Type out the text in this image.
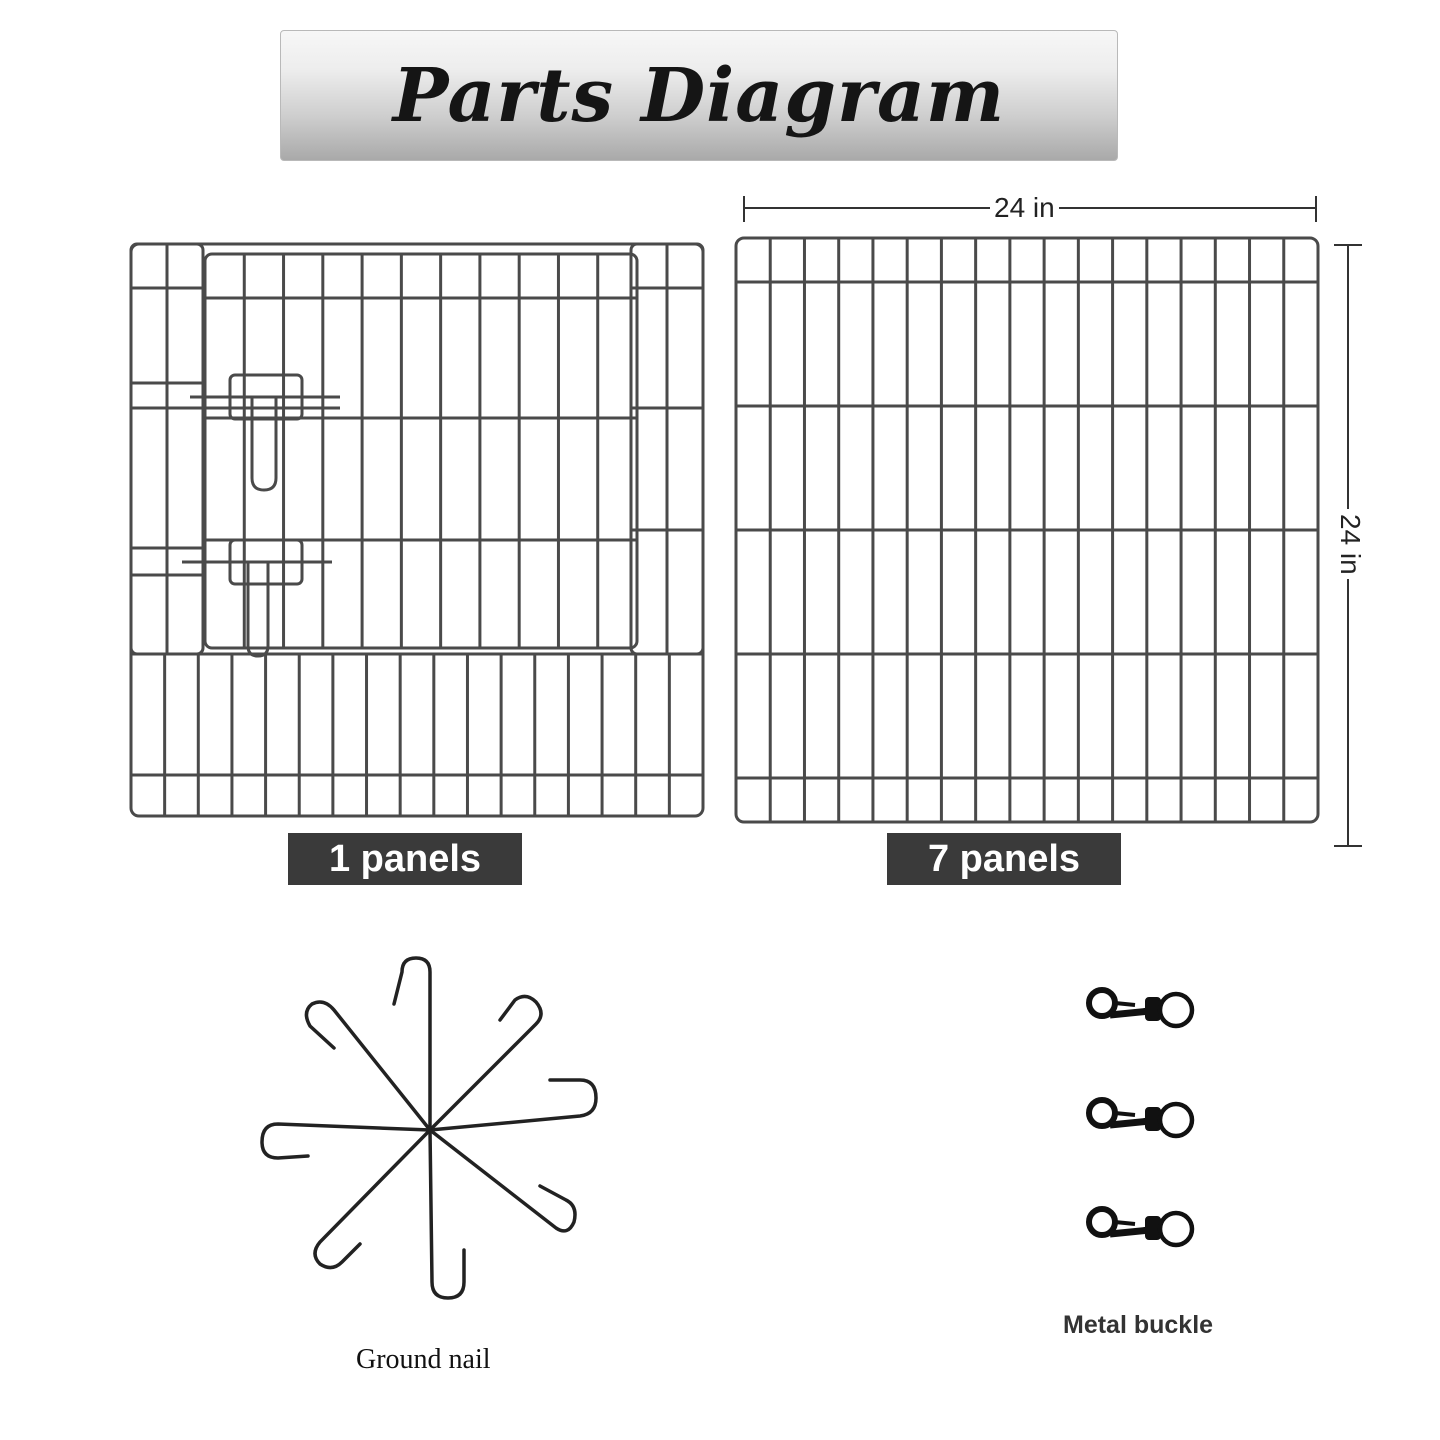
Parts Diagram
24 in
24 in
1 panels	7 panels
Ground nail
Metal buckle
